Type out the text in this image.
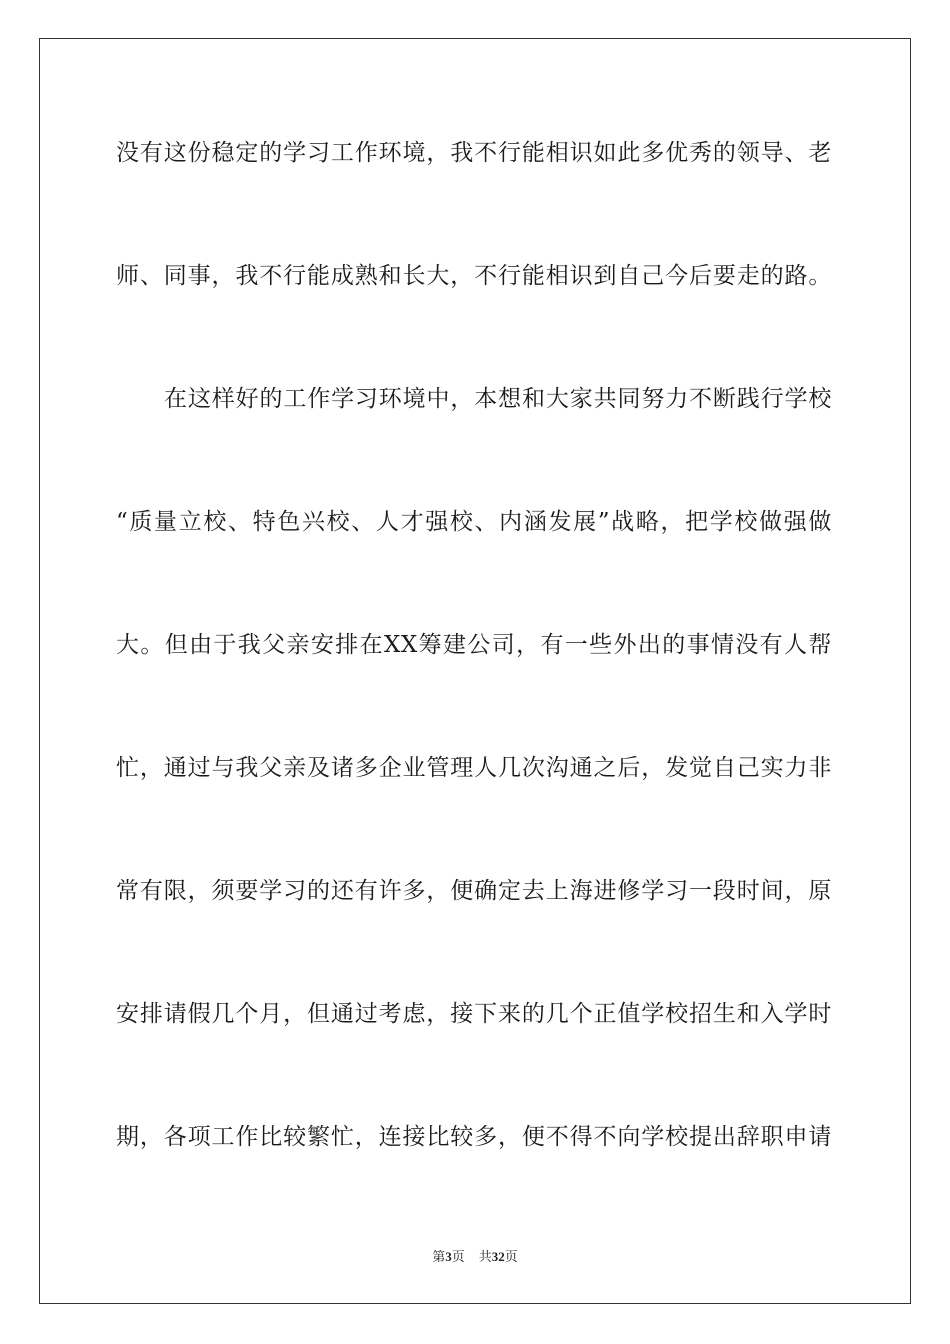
没有这份稳定的学习工作环境，我不行能相识如此多优秀的领导、老
师、同事，我不行能成熟和长大，不行能相识到自己今后要走的路。
在这样好的工作学习环境中，本想和大家共同努力不断践行学校
“质量立校、特色兴校、人才强校、内涵发展”战略，把学校做强做
大。但由于我父亲安排在XX筹建公司，有一些外出的事情没有人帮
忙，通过与我父亲及诸多企业管理人几次沟通之后，发觉自己实力非
常有限，须要学习的还有许多，便确定去上海进修学习一段时间，原
安排请假几个月，但通过考虑，接下来的几个正值学校招生和入学时
期，各项工作比较繁忙，连接比较多，便不得不向学校提出辞职申请
第3页 共32页
